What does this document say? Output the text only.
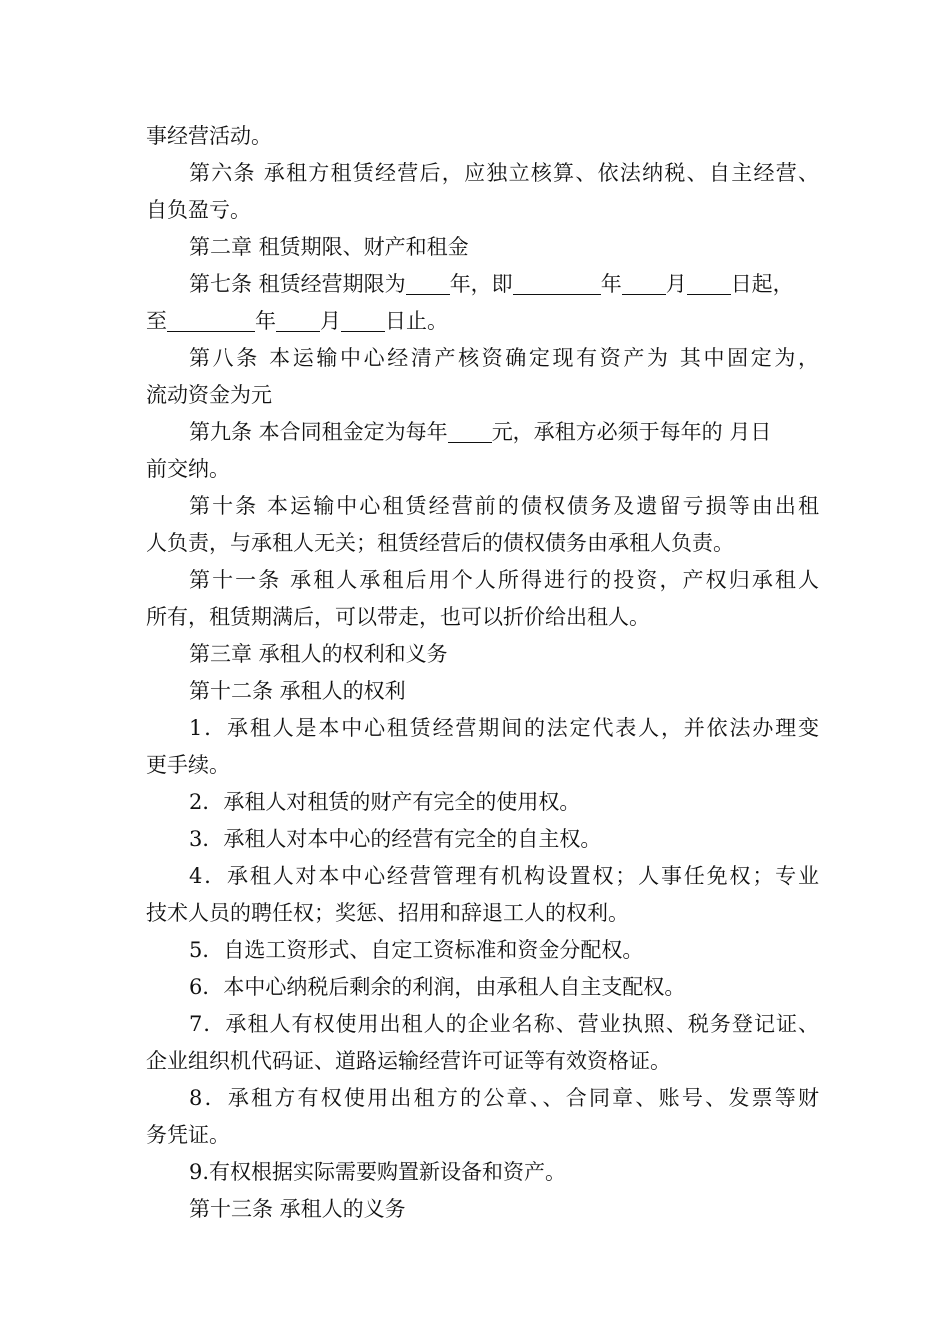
事经营活动。
第六条 承租方租赁经营后，应独立核算、依法纳税、自主经营、
自负盈亏。
第二章 租赁期限、财产和租金
第七条 租赁经营期限为 年，即	年 月 日起，
至	年 月 日止。
第八条 本运输中心经清产核资确定现有资产为 其中固定为，
流动资金为元
第九条 本合同租金定为每年 元，承租方必须于每年的 月日
前交纳。
第十条 本运输中心租赁经营前的债权债务及遗留亏损等由出租
人负责，与承租人无关；租赁经营后的债权债务由承租人负责。
第十一条 承租人承租后用个人所得进行的投资，产权归承租人
所有，租赁期满后，可以带走，也可以折价给出租人。
第三章 承租人的权利和义务
第十二条 承租人的权利
1．承租人是本中心租赁经营期间的法定代表人，并依法办理变
更手续。
2．承租人对租赁的财产有完全的使用权。
3．承租人对本中心的经营有完全的自主权。
4．承租人对本中心经营管理有机构设置权；人事任免权；专业
技术人员的聘任权；奖惩、招用和辞退工人的权利。
5．自选工资形式、自定工资标准和资金分配权。
6．本中心纳税后剩余的利润，由承租人自主支配权。
7．承租人有权使用出租人的企业名称、营业执照、税务登记证、
企业组织机代码证、道路运输经营许可证等有效资格证。
8．承租方有权使用出租方的公章、、合同章、账号、发票等财
务凭证。
9.有权根据实际需要购置新设备和资产。
第十三条 承租人的义务
